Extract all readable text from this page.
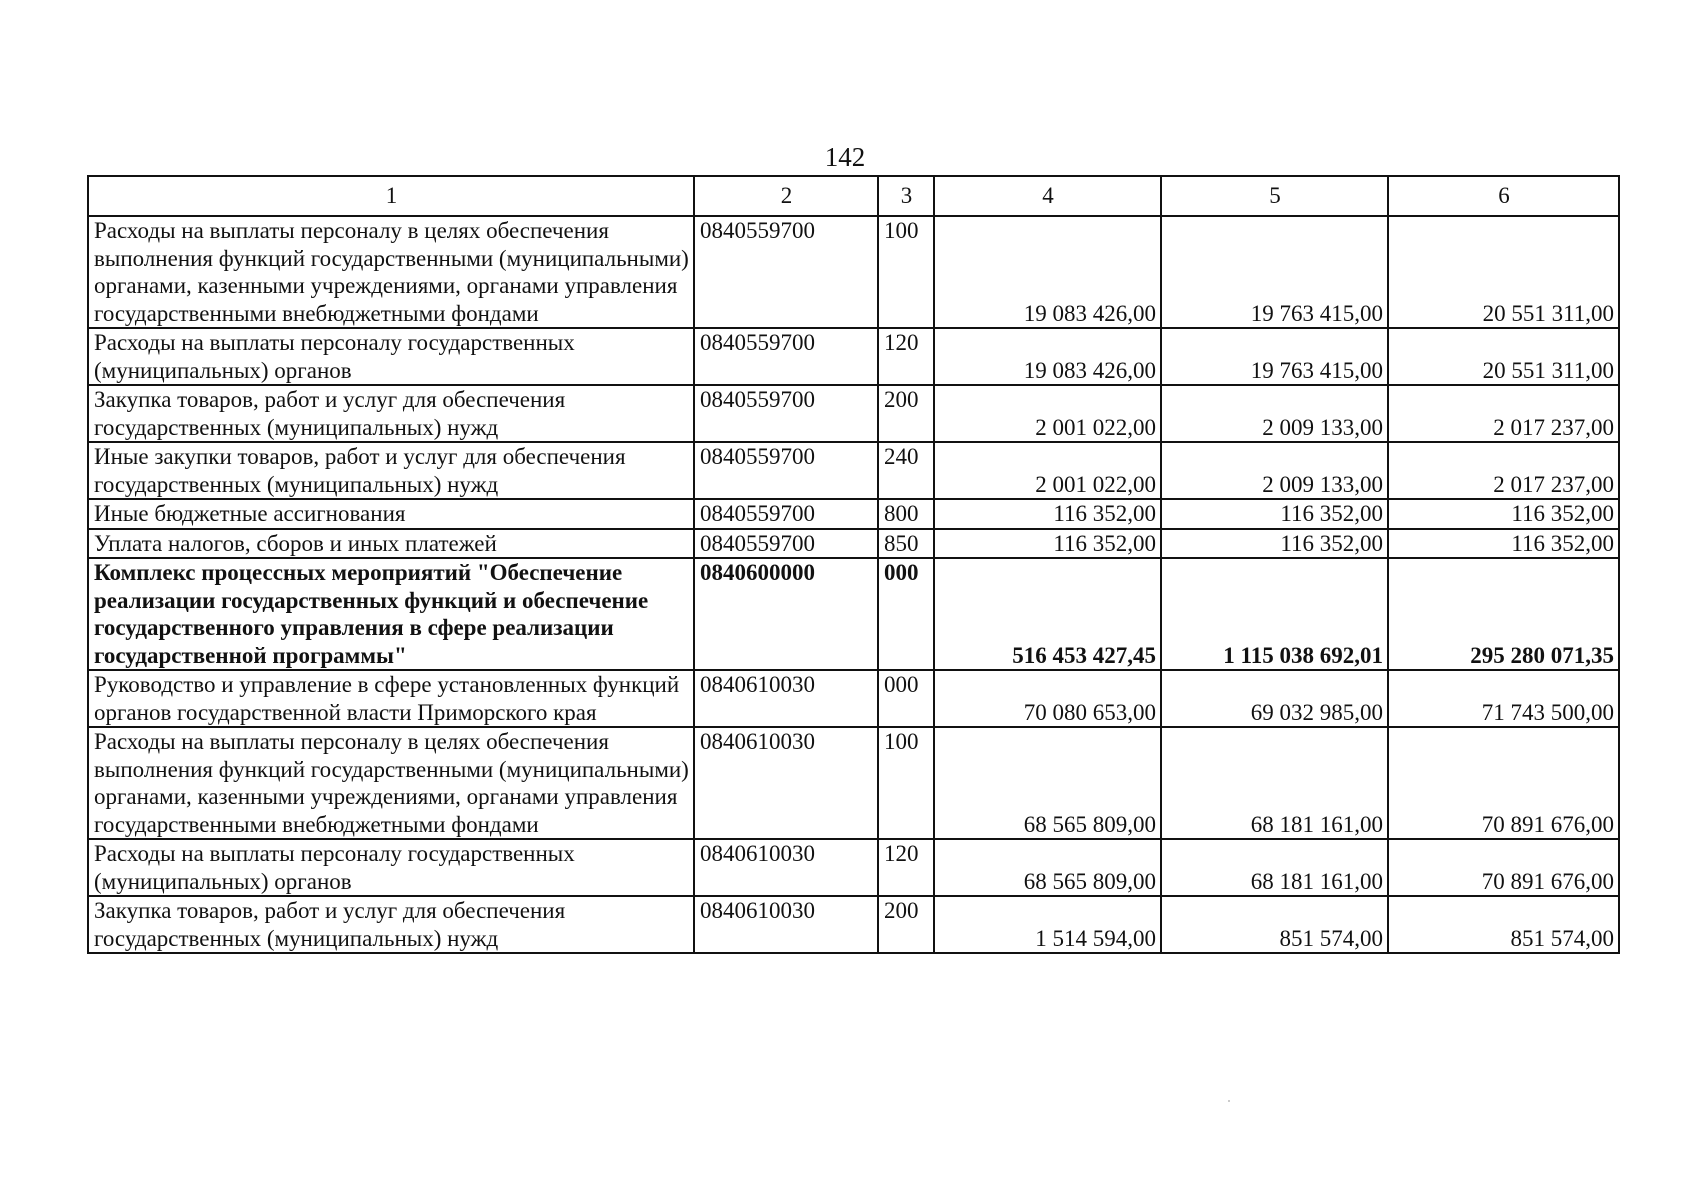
142
1	2	3	4	5	6
Расходы на выплаты персоналу в целях обеспечения выполнения функций государственными (муниципальными) органами, казенными учреждениями, органами управления государственными внебюджетными фондами	0840559700	100	19 083 426,00	19 763 415,00	20 551 311,00
Расходы на выплаты персоналу государственных (муниципальных) органов	0840559700	120	19 083 426,00	19 763 415,00	20 551 311,00
Закупка товаров, работ и услуг для обеспечения государственных (муниципальных) нужд	0840559700	200	2 001 022,00	2 009 133,00	2 017 237,00
Иные закупки товаров, работ и услуг для обеспечения государственных (муниципальных) нужд	0840559700	240	2 001 022,00	2 009 133,00	2 017 237,00
Иные бюджетные ассигнования	0840559700	800	116 352,00	116 352,00	116 352,00
Уплата налогов, сборов и иных платежей	0840559700	850	116 352,00	116 352,00	116 352,00
Комплекс процессных мероприятий "Обеспечение реализации государственных функций и обеспечение государственного управления в сфере реализации государственной программы"	0840600000	000	516 453 427,45	1 115 038 692,01	295 280 071,35
Руководство и управление в сфере установленных функций органов государственной власти Приморского края	0840610030	000	70 080 653,00	69 032 985,00	71 743 500,00
Расходы на выплаты персоналу в целях обеспечения выполнения функций государственными (муниципальными) органами, казенными учреждениями, органами управления государственными внебюджетными фондами	0840610030	100	68 565 809,00	68 181 161,00	70 891 676,00
Расходы на выплаты персоналу государственных (муниципальных) органов	0840610030	120	68 565 809,00	68 181 161,00	70 891 676,00
Закупка товаров, работ и услуг для обеспечения государственных (муниципальных) нужд	0840610030	200	1 514 594,00	851 574,00	851 574,00
